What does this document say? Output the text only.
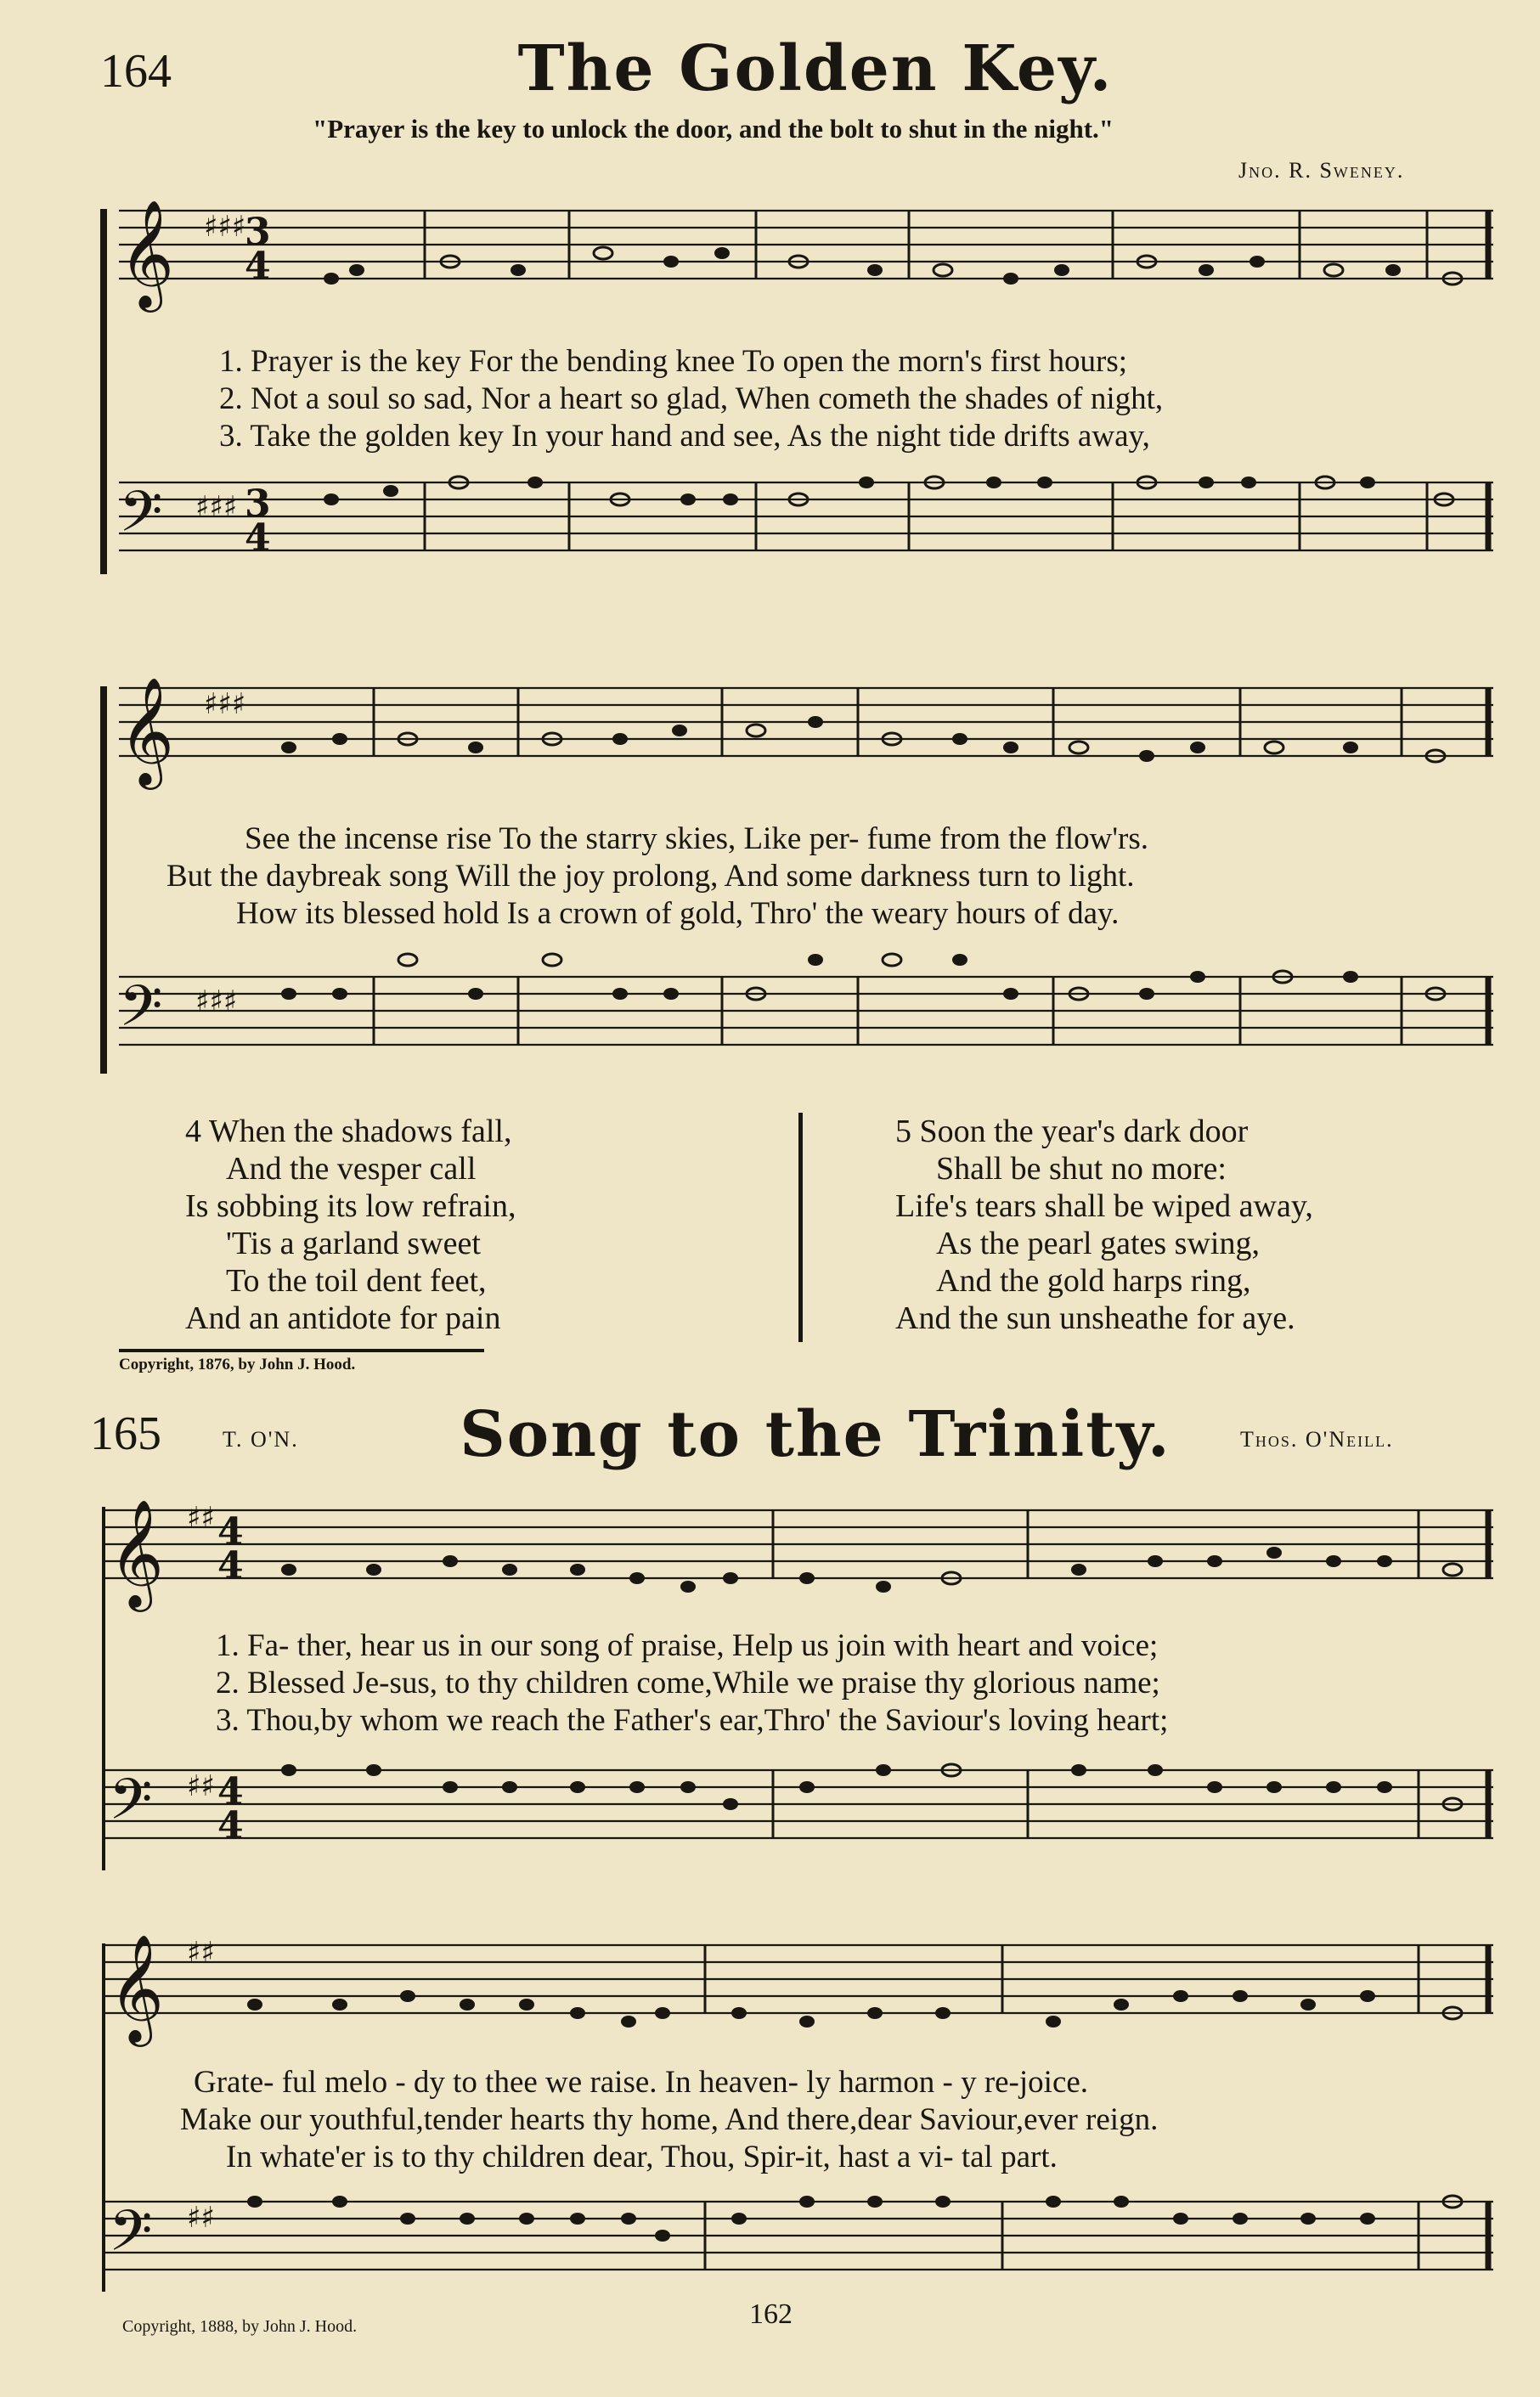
164	The Golden Key.
"Prayer is the key to unlock the door, and the bolt to shut in the night."
Jno. R. Sweney.
𝄞 ♯♯♯
3
4
1. Prayer is the key For the bending knee To open the morn's first hours;
2. Not a soul so sad, Nor a heart so glad, When cometh the shades of night,
3. Take the golden key In your hand and see, As the night tide drifts away,
𝄢 ♯♯♯ 3
4
𝄞 ♯♯♯
See the incense rise To the starry skies, Like per- fume from the flow'rs.
But the daybreak song Will the joy prolong, And some darkness turn to light.
How its blessed hold Is a crown of gold, Thro' the weary hours of day.
𝄢 ♯♯♯
4 When the shadows fall,
And the vesper call
Is sobbing its low refrain,
'Tis a garland sweet
To the toil dent feet,
And an antidote for pain
5 Soon the year's dark door
Shall be shut no more:
Life's tears shall be wiped away,
As the pearl gates swing,
And the gold harps ring,
And the sun unsheathe for aye.
Copyright, 1876, by John J. Hood.
165	T. O'N.	Song to the Trinity.	Thos. O'Neill.
𝄞 ♯♯ 4
4
1. Fa- ther, hear us in our song of praise, Help us join with heart and voice;
2. Blessed Je-sus, to thy children come,While we praise thy glorious name;
3. Thou,by whom we reach the Father's ear,Thro' the Saviour's loving heart;
𝄢 ♯♯ 4
4
𝄞 ♯♯
Grate- ful melo - dy to thee we raise. In heaven- ly harmon - y re-joice.
Make our youthful,tender hearts thy home, And there,dear Saviour,ever reign.
In whate'er is to thy children dear, Thou, Spir-it, hast a vi- tal part.
𝄢 ♯♯
Copyright, 1888, by John J. Hood.	162
